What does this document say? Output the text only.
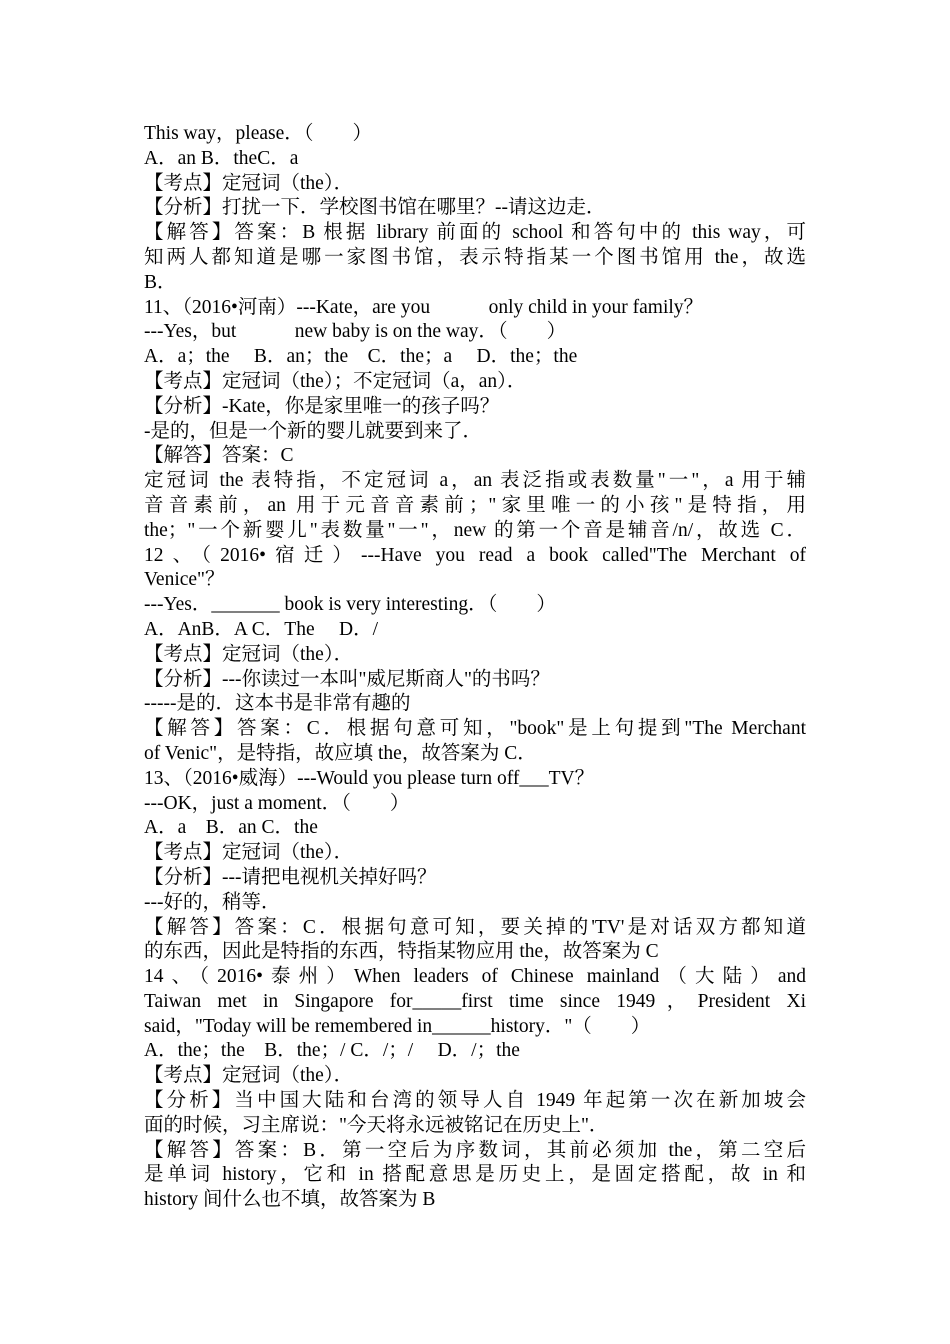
This way，please．（　　）
A．an B．theC．a
【考点】定冠词（the）．
【分析】打扰一下．学校图书馆在哪里？--请这边走．
【解答】答案：B 根据 library 前面的 school 和答句中的 this way，可
知两人都知道是哪一家图书馆，表示特指某一个图书馆用 the，故选
B．
11、（2016•河南）---Kate，are you　　　only child in your family？
---Yes，but　　　new baby is on the way．（　　）
A．a；the　 B．an；the　C．the；a　 D．the；the
【考点】定冠词（the）；不定冠词（a，an）．
【分析】-Kate，你是家里唯一的孩子吗？
-是的，但是一个新的婴儿就要到来了．
【解答】答案：C
定冠词 the 表特指，不定冠词 a，an 表泛指或表数量"一"，a 用于辅
音音素前，an 用于元音音素前；"家里唯一的小孩"是特指，用
the；"一个新婴儿"表数量"一"，new 的第一个音是辅音/n/，故选 C．
12、（2016•宿迁）---Have you read a book called"The Merchant of
Venice"？
---Yes．_______ book is very interesting．（　　）
A．AnB．A C．The　 D．/
【考点】定冠词（the）．
【分析】---你读过一本叫"威尼斯商人"的书吗？
-----是的．这本书是非常有趣的
【解答】答案：C．根据句意可知，"book"是上句提到"The Merchant
of Venic"，是特指，故应填 the，故答案为 C．
13、（2016•威海）---Would you please turn off___TV？
---OK，just a moment．（　　）
A．a　B．an C．the
【考点】定冠词（the）．
【分析】---请把电视机关掉好吗？
---好的，稍等．
【解答】答案：C．根据句意可知，要关掉的'TV'是对话双方都知道
的东西，因此是特指的东西，特指某物应用 the，故答案为 C
14、（2016•泰州）When leaders of Chinese mainland（大陆）and
Taiwan met in Singapore for_____first time since 1949，President Xi
said，"Today will be remembered in______history．"（　　）
A．the；the　B．the；/ C．/；/　 D．/；the
【考点】定冠词（the）．
【分析】当中国大陆和台湾的领导人自 1949 年起第一次在新加坡会
面的时候，习主席说："今天将永远被铭记在历史上"．
【解答】答案：B．第一空后为序数词，其前必须加 the，第二空后
是单词 history，它和 in 搭配意思是历史上，是固定搭配，故 in 和
history 间什么也不填，故答案为 B
